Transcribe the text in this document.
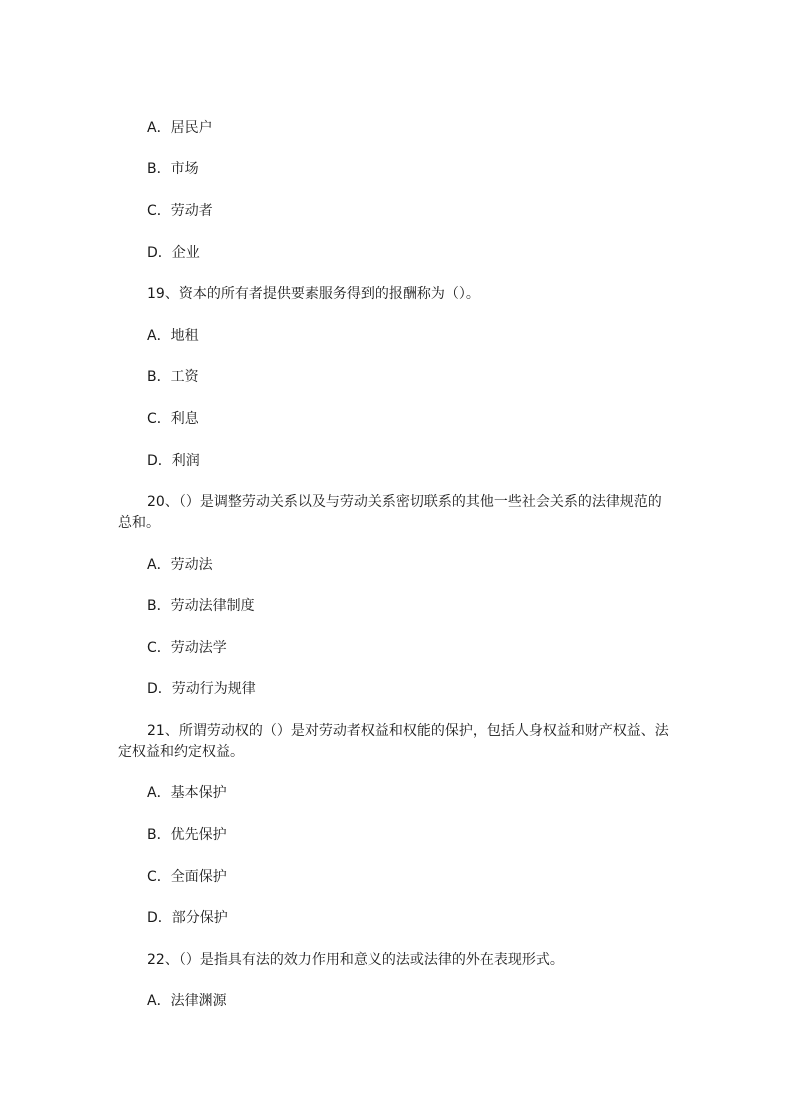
A．居民户
B．市场
C．劳动者
D．企业
19、资本的所有者提供要素服务得到的报酬称为（）。
A．地租
B．工资
C．利息
D．利润
20、（）是调整劳动关系以及与劳动关系密切联系的其他一些社会关系的法律规范的
总和。
A．劳动法
B．劳动法律制度
C．劳动法学
D．劳动行为规律
21、所谓劳动权的（）是对劳动者权益和权能的保护，包括人身权益和财产权益、法
定权益和约定权益。
A．基本保护
B．优先保护
C．全面保护
D．部分保护
22、（）是指具有法的效力作用和意义的法或法律的外在表现形式。
A．法律渊源
